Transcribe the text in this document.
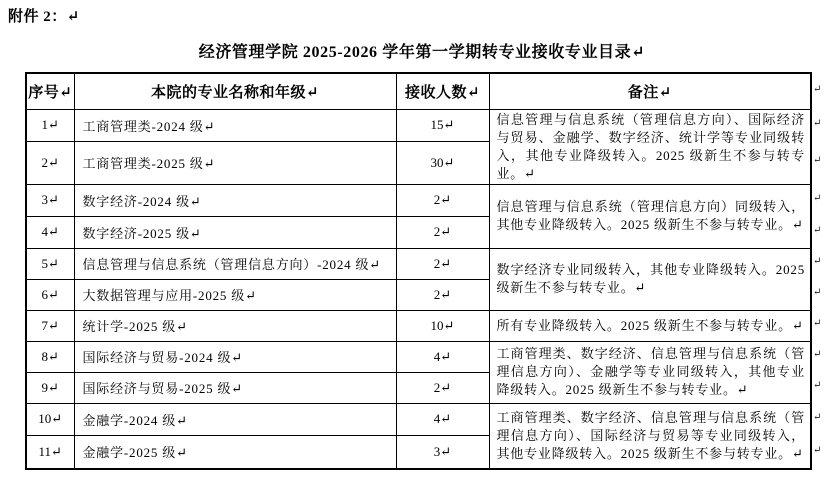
附件 2：↵
经济管理学院 2025-2026 学年第一学期转专业接收专业目录↵
序号↵	本院的专业名称和年级↵	接收人数↵	备注↵
1↵	工商管理类-2024 级↵	15↵	信息管理与信息系统（管理信息方向）、国际经济与贸易、金融学、数字经济、统计学等专业同级转入，其他专业降级转入。2025 级新生不参与转专业。↵
2↵	工商管理类-2025 级↵	30↵	
3↵	数字经济-2024 级↵	2↵	信息管理与信息系统（管理信息方向）同级转入，其他专业降级转入。2025 级新生不参与转专业。↵
4↵	数字经济-2025 级↵	2↵	
5↵	信息管理与信息系统（管理信息方向）-2024 级↵	2↵	数字经济专业同级转入，其他专业降级转入。2025 级新生不参与转专业。↵
6↵	大数据管理与应用-2025 级↵	2↵	
7↵	统计学-2025 级↵	10↵	所有专业降级转入。2025 级新生不参与转专业。↵
8↵	国际经济与贸易-2024 级↵	4↵	工商管理类、数字经济、信息管理与信息系统（管理信息方向）、金融学等专业同级转入，其他专业降级转入。2025 级新生不参与转专业。↵
9↵	国际经济与贸易-2025 级↵	2↵	
10↵	金融学-2024 级↵	4↵	工商管理类、数字经济、信息管理与信息系统（管理信息方向）、国际经济与贸易等专业同级转入，其他专业降级转入。2025 级新生不参与转专业。↵
11↵	金融学-2025 级↵	3↵	
↵
↵
↵
↵
↵
↵
↵
↵
↵
↵
↵
↵
